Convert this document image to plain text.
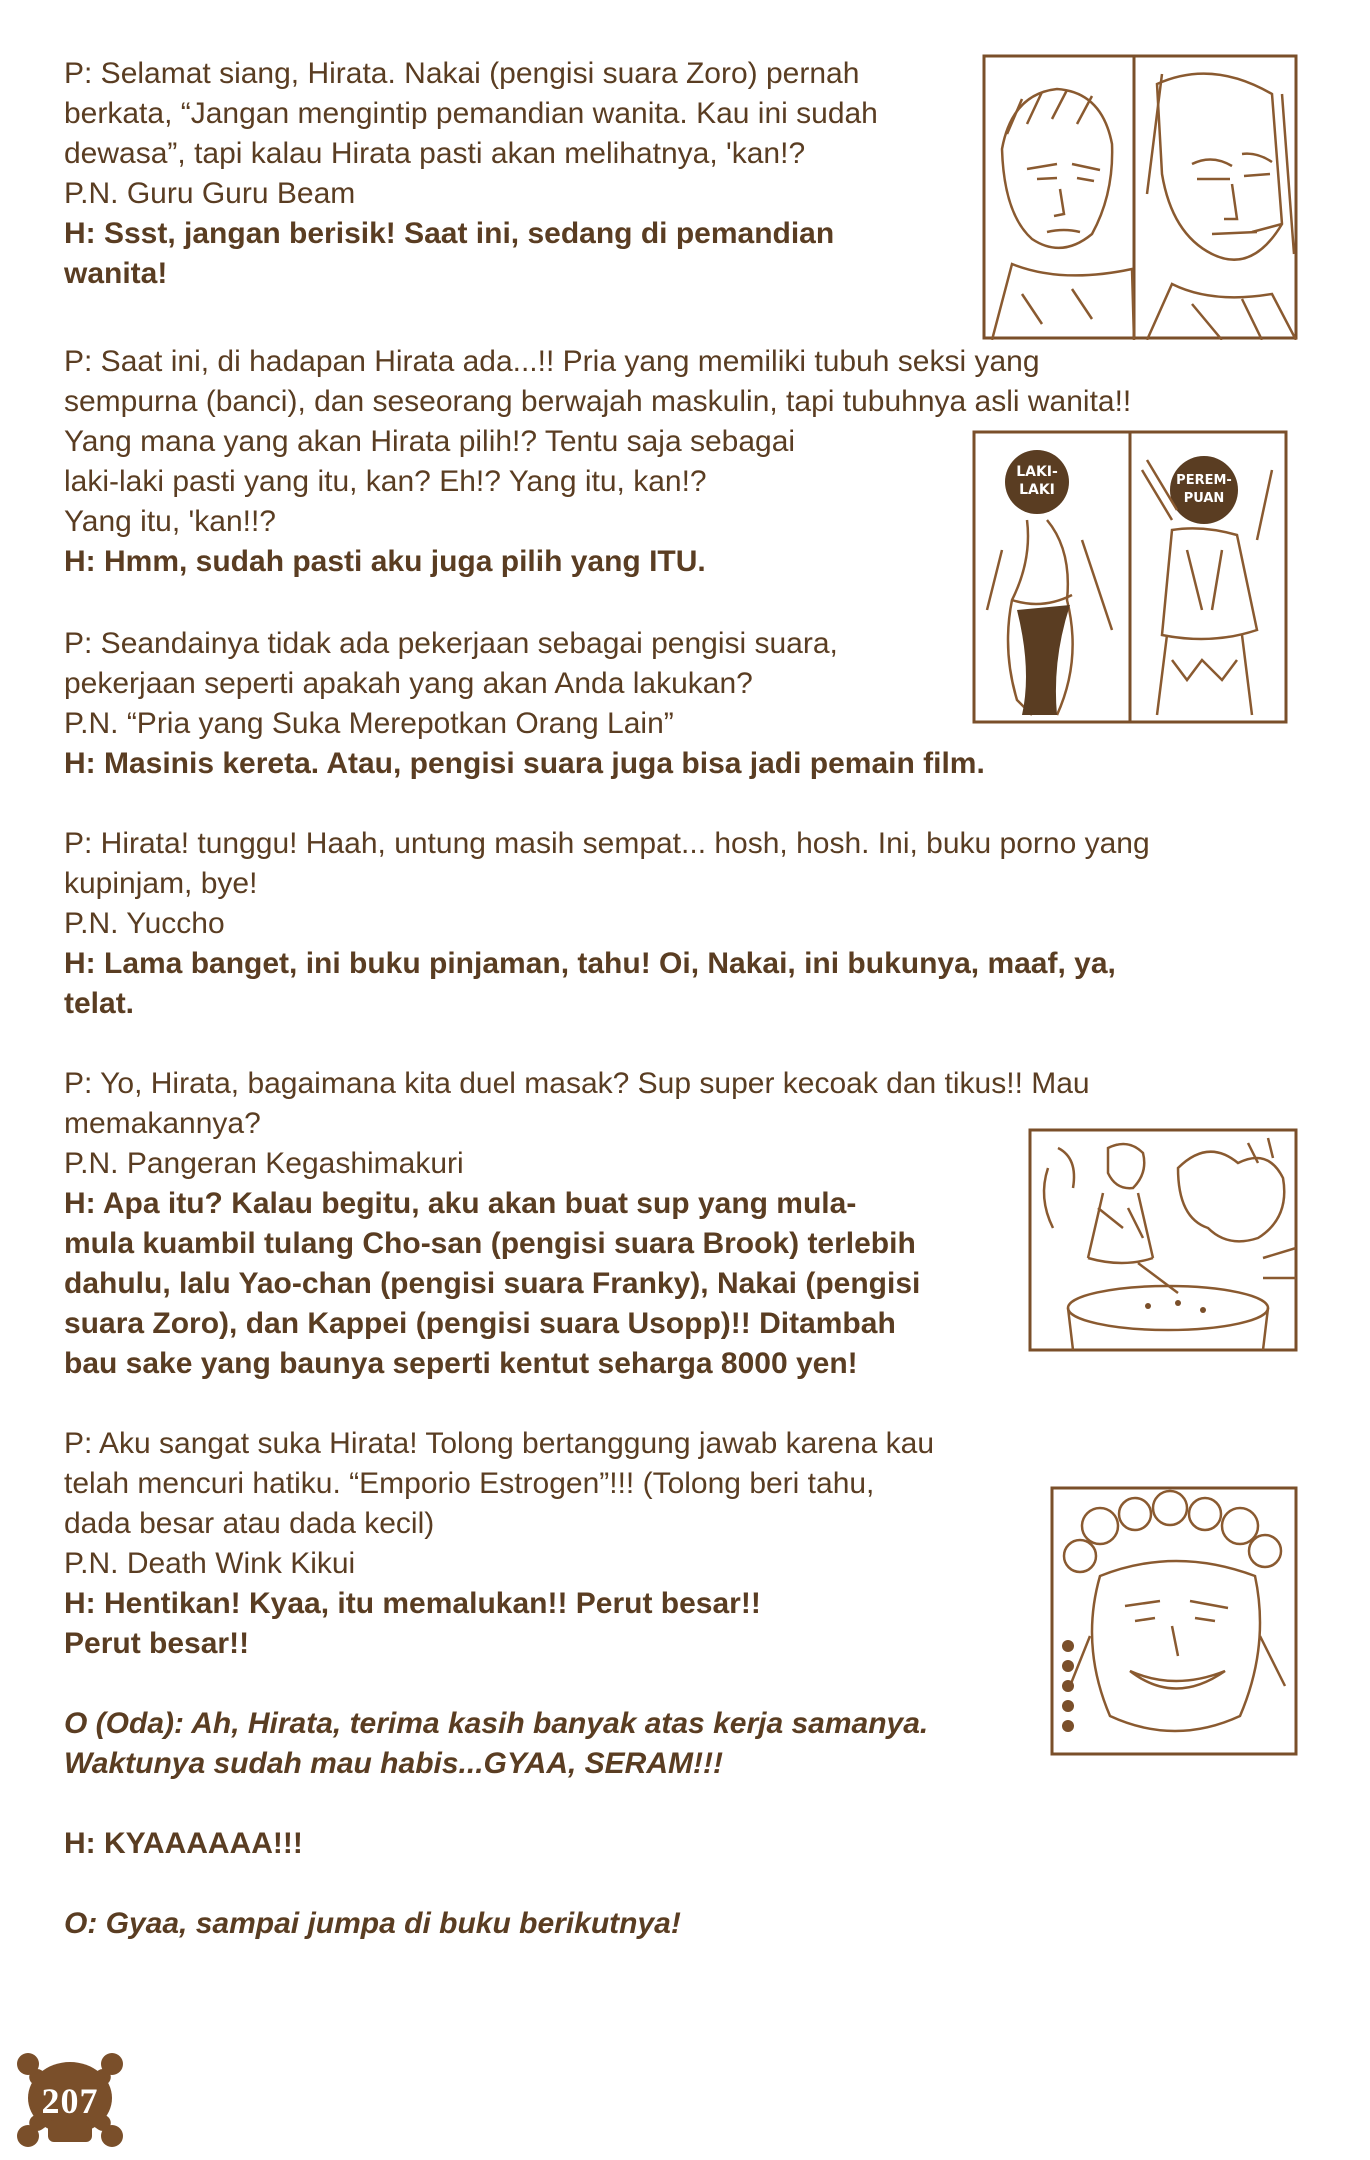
P: Selamat siang, Hirata. Nakai (pengisi suara Zoro) pernah

berkata, “Jangan mengintip pemandian wanita. Kau ini sudah

dewasa”, tapi kalau Hirata pasti akan melihatnya, 'kan!?

P.N. Guru Guru Beam

H: Ssst, jangan berisik! Saat ini, sedang di pemandian

wanita!

P: Saat ini, di hadapan Hirata ada...!! Pria yang memiliki tubuh seksi yang

sempurna (banci), dan seseorang berwajah maskulin, tapi tubuhnya asli wanita!!

Yang mana yang akan Hirata pilih!? Tentu saja sebagai

laki-laki pasti yang itu, kan? Eh!? Yang itu, kan!?

Yang itu, 'kan!!?

H: Hmm, sudah pasti aku juga pilih yang ITU.

P: Seandainya tidak ada pekerjaan sebagai pengisi suara,

pekerjaan seperti apakah yang akan Anda lakukan?

P.N. “Pria yang Suka Merepotkan Orang Lain”

H: Masinis kereta. Atau, pengisi suara juga bisa jadi pemain film.

P: Hirata! tunggu! Haah, untung masih sempat... hosh, hosh. Ini, buku porno yang

kupinjam, bye!

P.N. Yuccho

H: Lama banget, ini buku pinjaman, tahu! Oi, Nakai, ini bukunya, maaf, ya,

telat.

P: Yo, Hirata, bagaimana kita duel masak? Sup super kecoak dan tikus!! Mau

memakannya?

P.N. Pangeran Kegashimakuri

H: Apa itu? Kalau begitu, aku akan buat sup yang mula-

mula kuambil tulang Cho-san (pengisi suara Brook) terlebih

dahulu, lalu Yao-chan (pengisi suara Franky), Nakai (pengisi

suara Zoro), dan Kappei (pengisi suara Usopp)!! Ditambah

bau sake yang baunya seperti kentut seharga 8000 yen!

P: Aku sangat suka Hirata! Tolong bertanggung jawab karena kau

telah mencuri hatiku. “Emporio Estrogen”!!! (Tolong beri tahu,

dada besar atau dada kecil)

P.N. Death Wink Kikui

H: Hentikan! Kyaa, itu memalukan!! Perut besar!!

Perut besar!!

O (Oda): Ah, Hirata, terima kasih banyak atas kerja samanya.

Waktunya sudah mau habis...GYAA, SERAM!!!

H: KYAAAAAA!!!

O: Gyaa, sampai jumpa di buku berikutnya!

LAKI-
LAKI
PEREM-
PUAN
207
